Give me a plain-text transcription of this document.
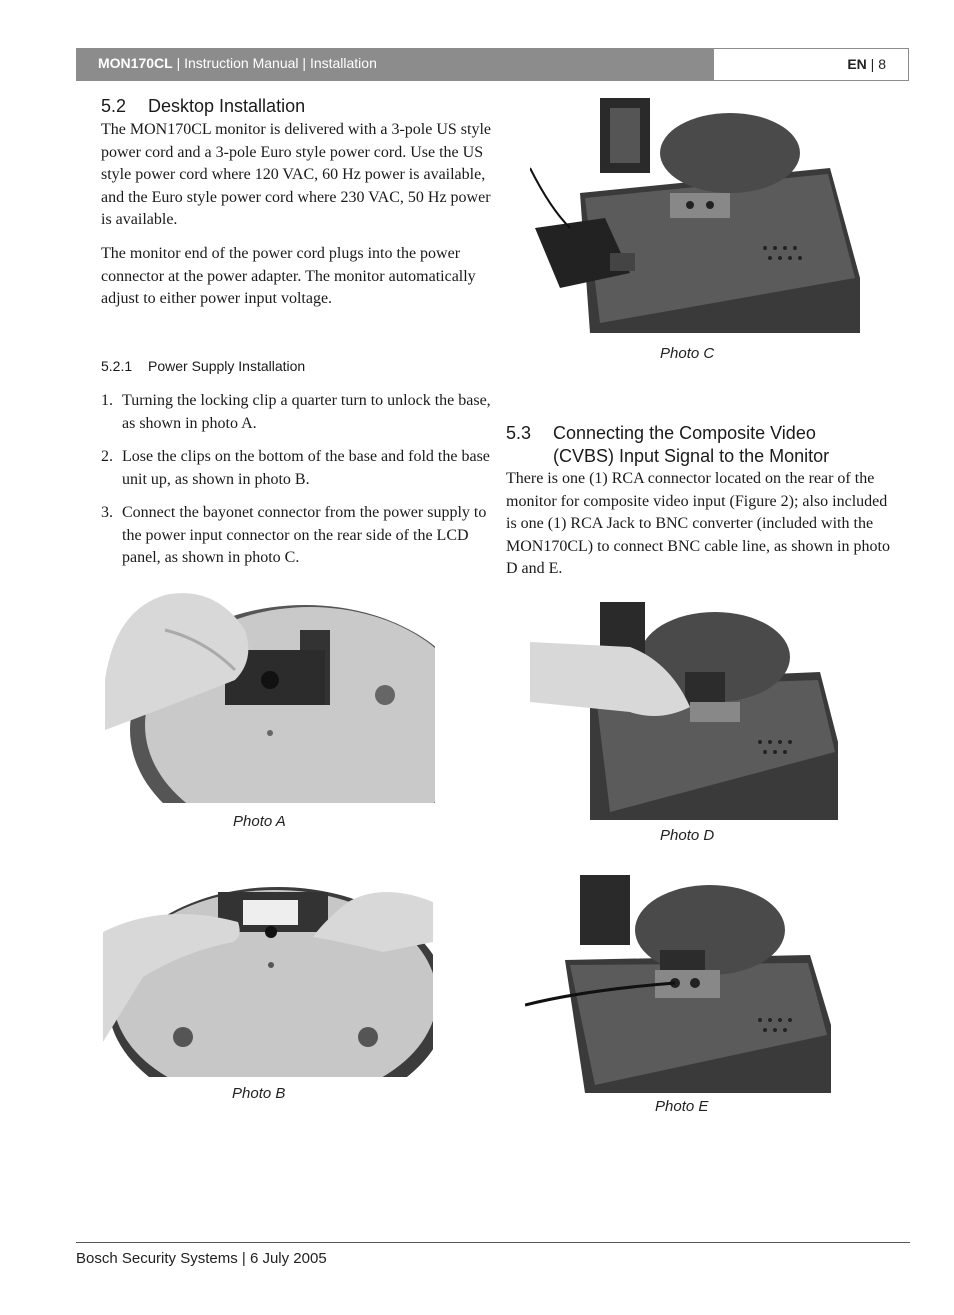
MON170CL | Instruction Manual | Installation	EN | 8
5.2 Desktop Installation

The MON170CL monitor is delivered with a 3-pole US style power cord and a 3-pole Euro style power cord. Use the US style power cord where 120 VAC, 60 Hz power is available, and the Euro style power cord where 230 VAC, 50 Hz power is available.

The monitor end of the power cord plugs into the power connector at the power adapter. The monitor automatically adjust to either power input voltage.

5.2.1 Power Supply Installation
1. Turning the locking clip a quarter turn to unlock the base, as shown in photo A.
2. Lose the clips on the bottom of the base and fold the base unit up, as shown in photo B.
3. Connect the bayonet connector from the power supply to the power input connector on the rear side of the LCD panel, as shown in photo C.
5.3 Connecting the Composite Video
(CVBS) Input Signal to the Monitor

There is one (1) RCA connector located on the rear of the monitor for composite video input (Figure 2); also included is one (1) RCA Jack to BNC converter (included with the MON170CL) to connect BNC cable line, as shown in photo D and E.

Photo C
Photo A
Photo D
Photo B
Photo E
Bosch Security Systems | 6 July 2005
